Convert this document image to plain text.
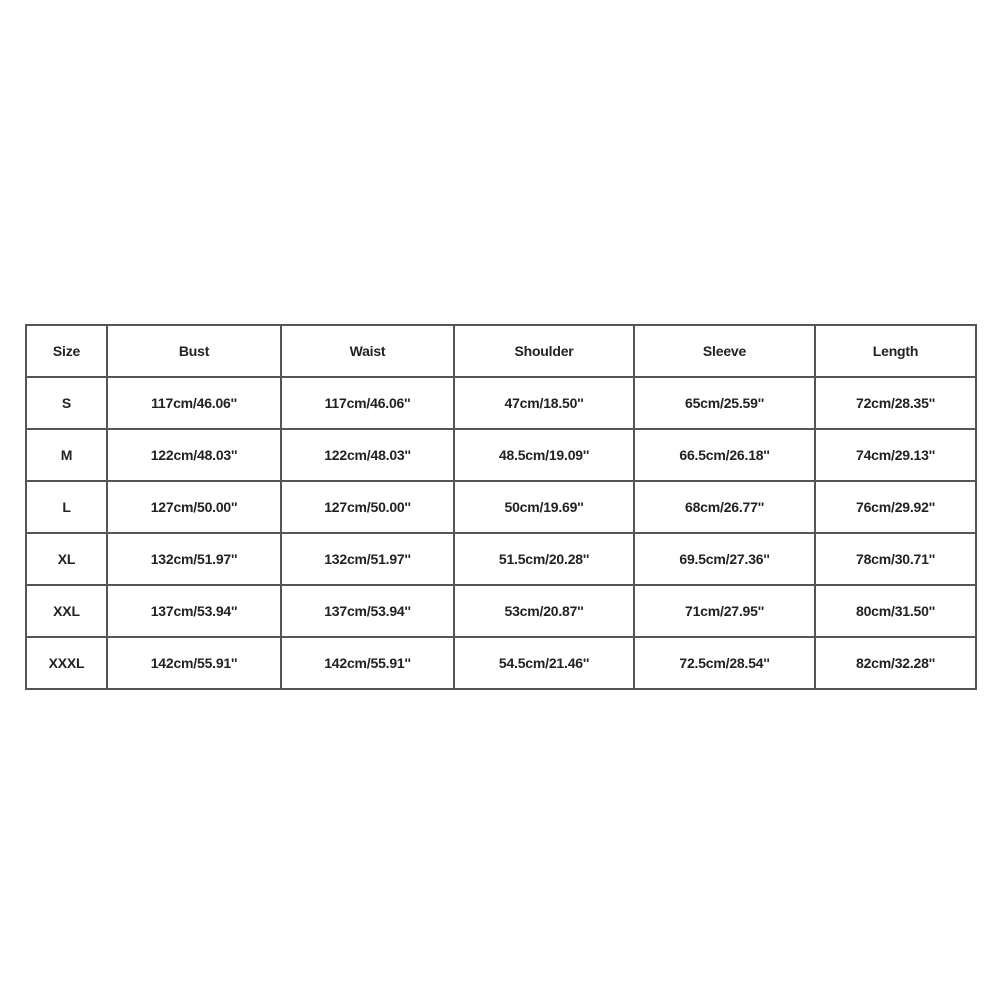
Size	Bust	Waist	Shoulder	Sleeve	Length
S	117cm/46.06''	117cm/46.06''	47cm/18.50''	65cm/25.59''	72cm/28.35''
M	122cm/48.03''	122cm/48.03''	48.5cm/19.09''	66.5cm/26.18''	74cm/29.13''
L	127cm/50.00''	127cm/50.00''	50cm/19.69''	68cm/26.77''	76cm/29.92''
XL	132cm/51.97''	132cm/51.97''	51.5cm/20.28''	69.5cm/27.36''	78cm/30.71''
XXL	137cm/53.94''	137cm/53.94''	53cm/20.87''	71cm/27.95''	80cm/31.50''
XXXL	142cm/55.91''	142cm/55.91''	54.5cm/21.46''	72.5cm/28.54''	82cm/32.28''
